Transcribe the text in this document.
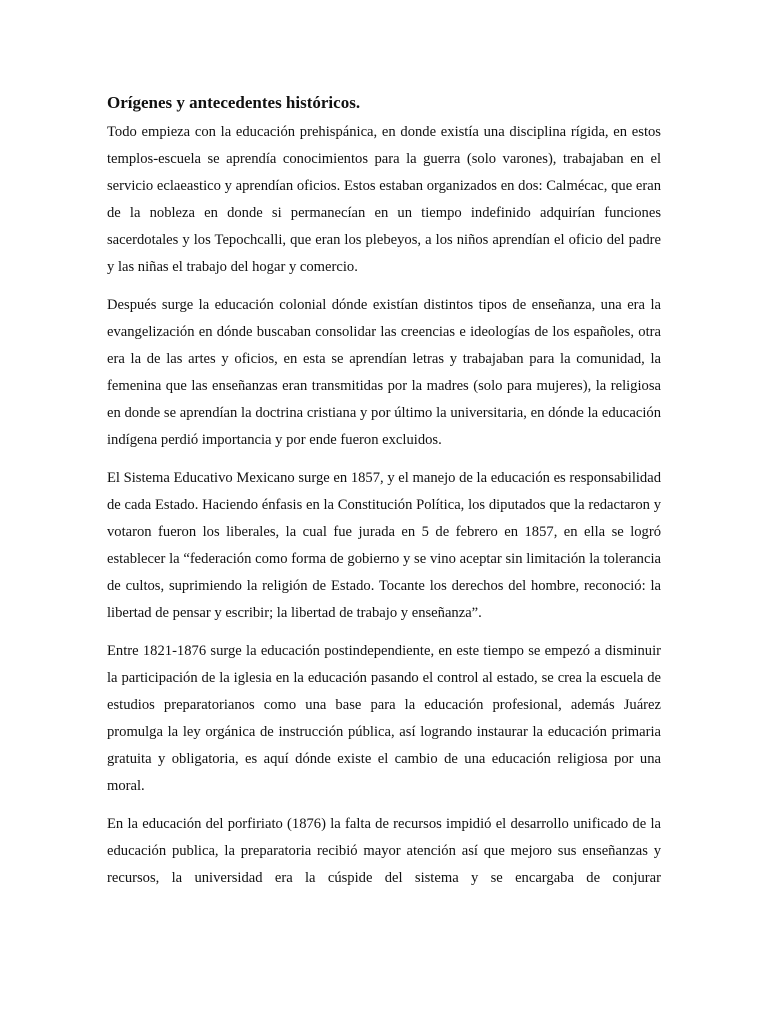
Orígenes y antecedentes históricos.

Todo empieza con la educación prehispánica, en donde existía una disciplina rígida, en estos templos-escuela se aprendía conocimientos para la guerra (solo varones), trabajaban en el servicio eclaeastico y aprendían oficios. Estos estaban organizados en dos: Calmécac, que eran de la nobleza en donde si permanecían en un tiempo indefinido adquirían funciones sacerdotales y los Tepochcalli, que eran los plebeyos, a los niños aprendían el oficio del padre y las niñas el trabajo del hogar y comercio.

Después surge la educación colonial dónde existían distintos tipos de enseñanza, una era la evangelización en dónde buscaban consolidar las creencias e ideologías de los españoles, otra era la de las artes y oficios, en esta se aprendían letras y trabajaban para la comunidad, la femenina que las enseñanzas eran transmitidas por la madres (solo para mujeres), la religiosa en donde se aprendían la doctrina cristiana y por último la universitaria, en dónde la educación indígena perdió importancia y por ende fueron excluidos.

El Sistema Educativo Mexicano surge en 1857, y el manejo de la educación es responsabilidad de cada Estado. Haciendo énfasis en la Constitución Política, los diputados que la redactaron y votaron fueron los liberales, la cual fue jurada en 5 de febrero en 1857, en ella se logró establecer la “federación como forma de gobierno y se vino aceptar sin limitación la tolerancia de cultos, suprimiendo la religión de Estado. Tocante los derechos del hombre, reconoció: la libertad de pensar y escribir; la libertad de trabajo y enseñanza”.

Entre 1821-1876 surge la educación postindependiente, en este tiempo se empezó a disminuir la participación de la iglesia en la educación pasando el control al estado, se crea la escuela de estudios preparatorianos como una base para la educación profesional, además Juárez promulga la ley orgánica de instrucción pública, así logrando instaurar la educación primaria gratuita y obligatoria, es aquí dónde existe el cambio de una educación religiosa por una moral.

En la educación del porfiriato (1876) la falta de recursos impidió el desarrollo unificado de la educación publica, la preparatoria recibió mayor atención así que mejoro sus enseñanzas y recursos, la universidad era la cúspide del sistema y se encargaba de conjurar
